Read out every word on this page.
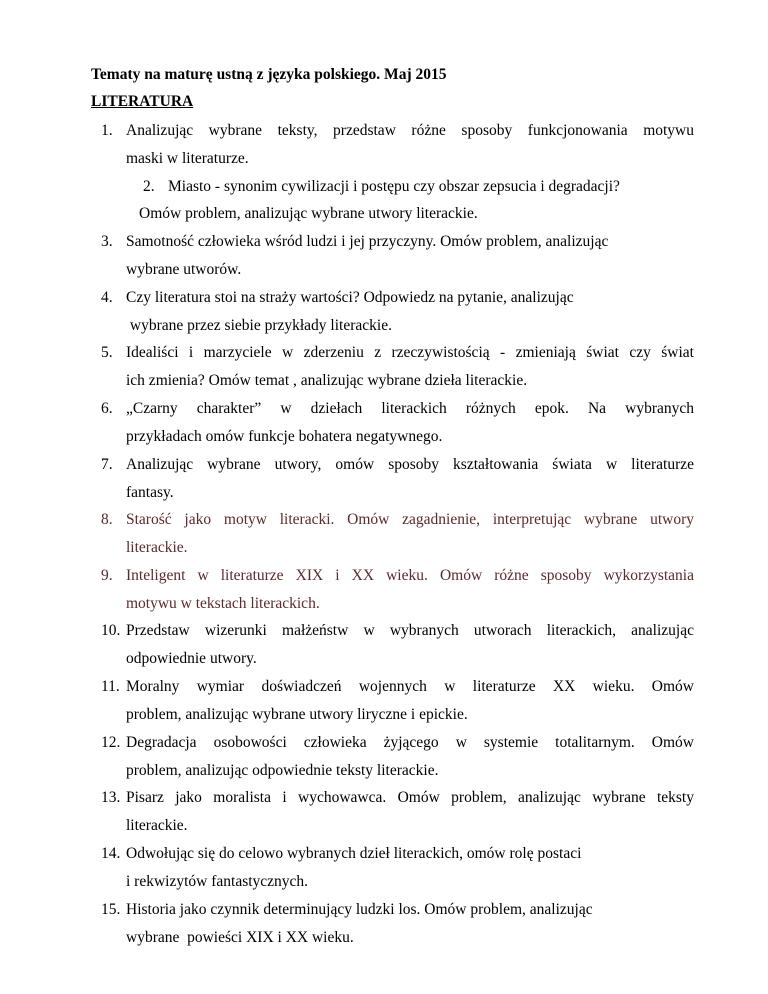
Tematy na maturę ustną z języka polskiego. Maj 2015
LITERATURA
1. Analizując wybrane teksty, przedstaw różne sposoby funkcjonowania motywu
maski w literaturze.
2. Miasto - synonim cywilizacji i postępu czy obszar zepsucia i degradacji?
Omów problem, analizując wybrane utwory literackie.
3. Samotność człowieka wśród ludzi i jej przyczyny. Omów problem, analizując
wybrane utworów.
4. Czy literatura stoi na straży wartości? Odpowiedz na pytanie, analizując
wybrane przez siebie przykłady literackie.
5. Idealiści i marzyciele w zderzeniu z rzeczywistością - zmieniają świat czy świat
ich zmienia? Omów temat , analizując wybrane dzieła literackie.
6. „Czarny charakter” w dziełach literackich różnych epok. Na wybranych
przykładach omów funkcje bohatera negatywnego.
7. Analizując wybrane utwory, omów sposoby kształtowania świata w literaturze
fantasy.
8. Starość jako motyw literacki. Omów zagadnienie, interpretując wybrane utwory
literackie.
9. Inteligent w literaturze XIX i XX wieku. Omów różne sposoby wykorzystania
motywu w tekstach literackich.
10. Przedstaw wizerunki małżeństw w wybranych utworach literackich, analizując
odpowiednie utwory.
11. Moralny wymiar doświadczeń wojennych w literaturze XX wieku. Omów
problem, analizując wybrane utwory liryczne i epickie.
12. Degradacja osobowości człowieka żyjącego w systemie totalitarnym. Omów
problem, analizując odpowiednie teksty literackie.
13. Pisarz jako moralista i wychowawca. Omów problem, analizując wybrane teksty
literackie.
14. Odwołując się do celowo wybranych dzieł literackich, omów rolę postaci
i rekwizytów fantastycznych.
15. Historia jako czynnik determinujący ludzki los. Omów problem, analizując
wybrane  powieści XIX i XX wieku.
